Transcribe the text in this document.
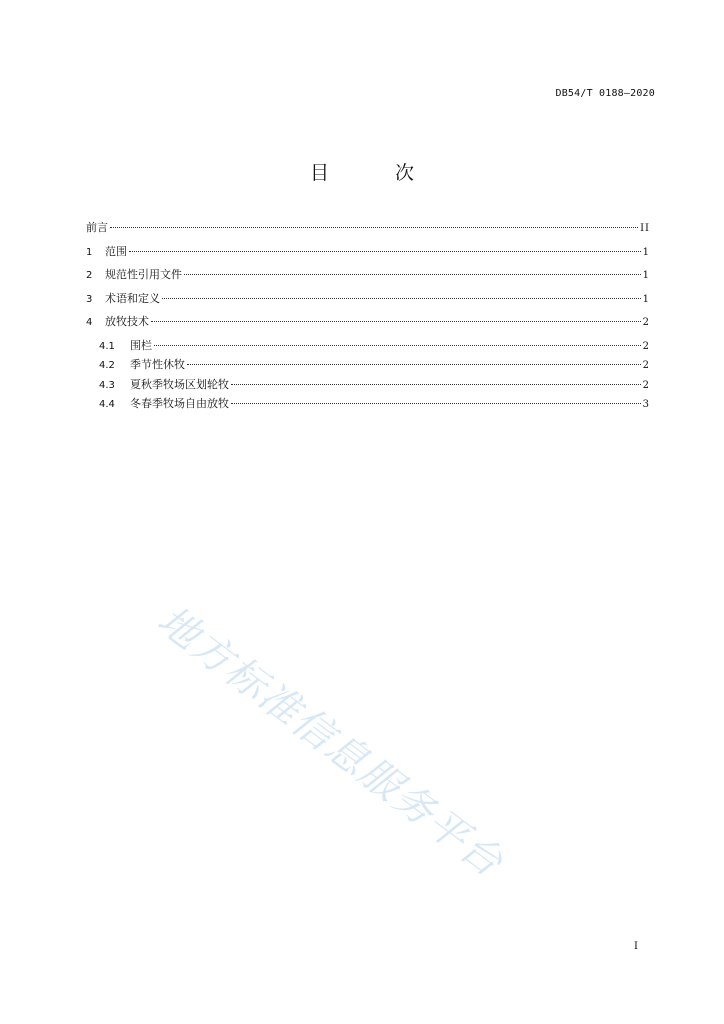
DB54/T 0188—2020
目 次
前言	II
1	范围	1
2	规范性引用文件	1
3	术语和定义	1
4	放牧技术	2
4.1	围栏	2
4.2	季节性休牧	2
4.3	夏秋季牧场区划轮牧	2
4.4	冬春季牧场自由放牧	3
地方标准信息服务平台
I
